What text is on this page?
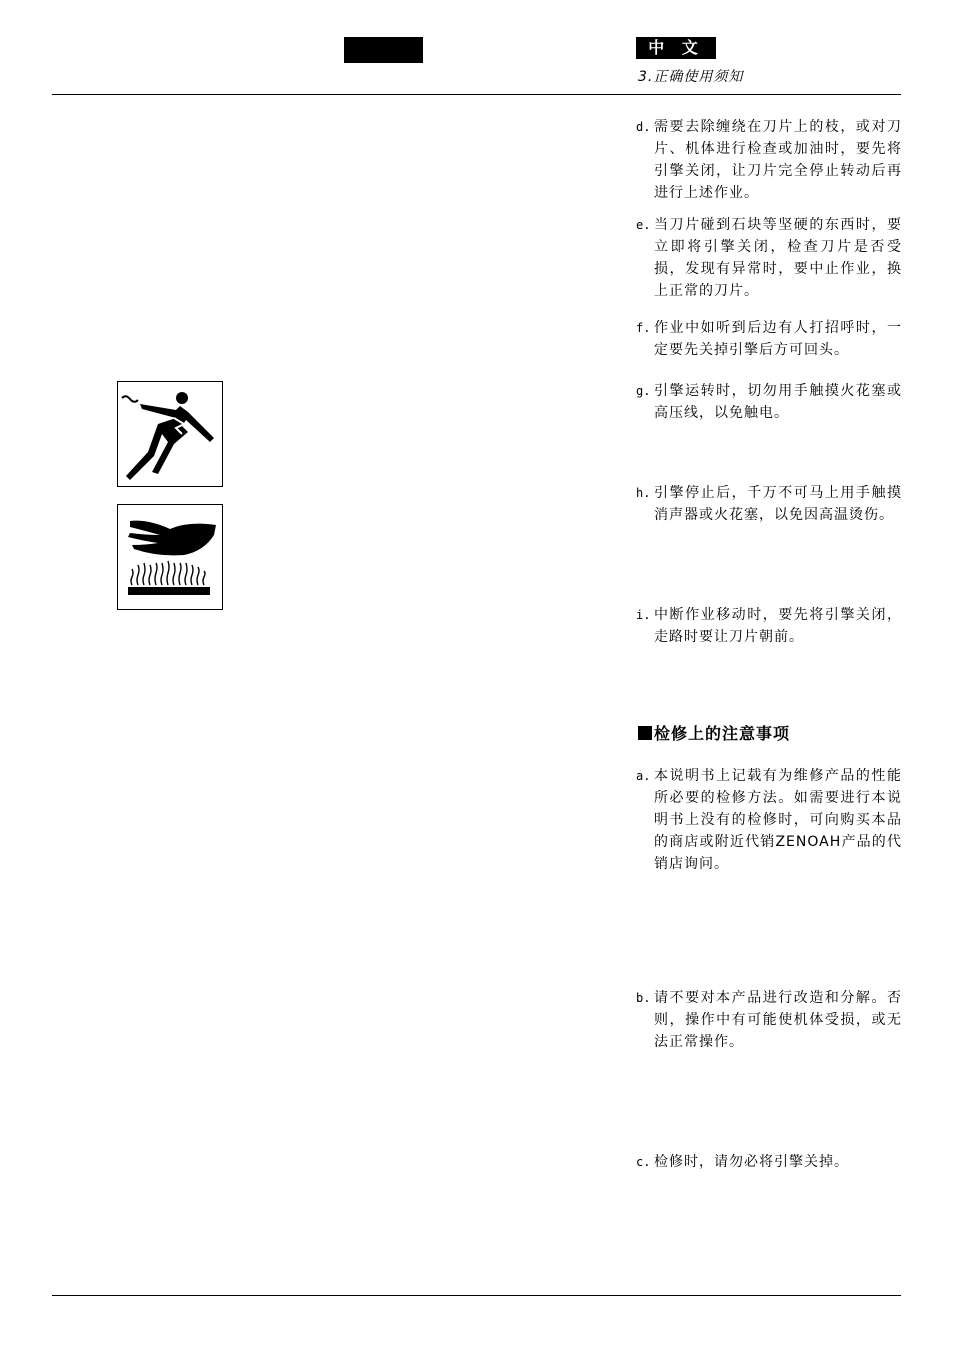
中 文
3.正确使用须知
d. 需要去除缠绕在刀片上的枝，或对刀片、机体进行检查或加油时，要先将引擎关闭，让刀片完全停止转动后再进行上述作业。
e. 当刀片碰到石块等坚硬的东西时，要立即将引擎关闭，检查刀片是否受损，发现有异常时，要中止作业，换上正常的刀片。
f. 作业中如听到后边有人打招呼时，一定要先关掉引擎后方可回头。
g. 引擎运转时，切勿用手触摸火花塞或高压线，以免触电。
h. 引擎停止后，千万不可马上用手触摸消声器或火花塞，以免因高温烫伤。
i. 中断作业移动时，要先将引擎关闭，走路时要让刀片朝前。
检修上的注意事项
a. 本说明书上记载有为维修产品的性能所必要的检修方法。如需要进行本说明书上没有的检修时，可向购买本品的商店或附近代销ZENOAH产品的代销店询问。
b. 请不要对本产品进行改造和分解。否则，操作中有可能使机体受损，或无法正常操作。
c. 检修时，请勿必将引擎关掉。
